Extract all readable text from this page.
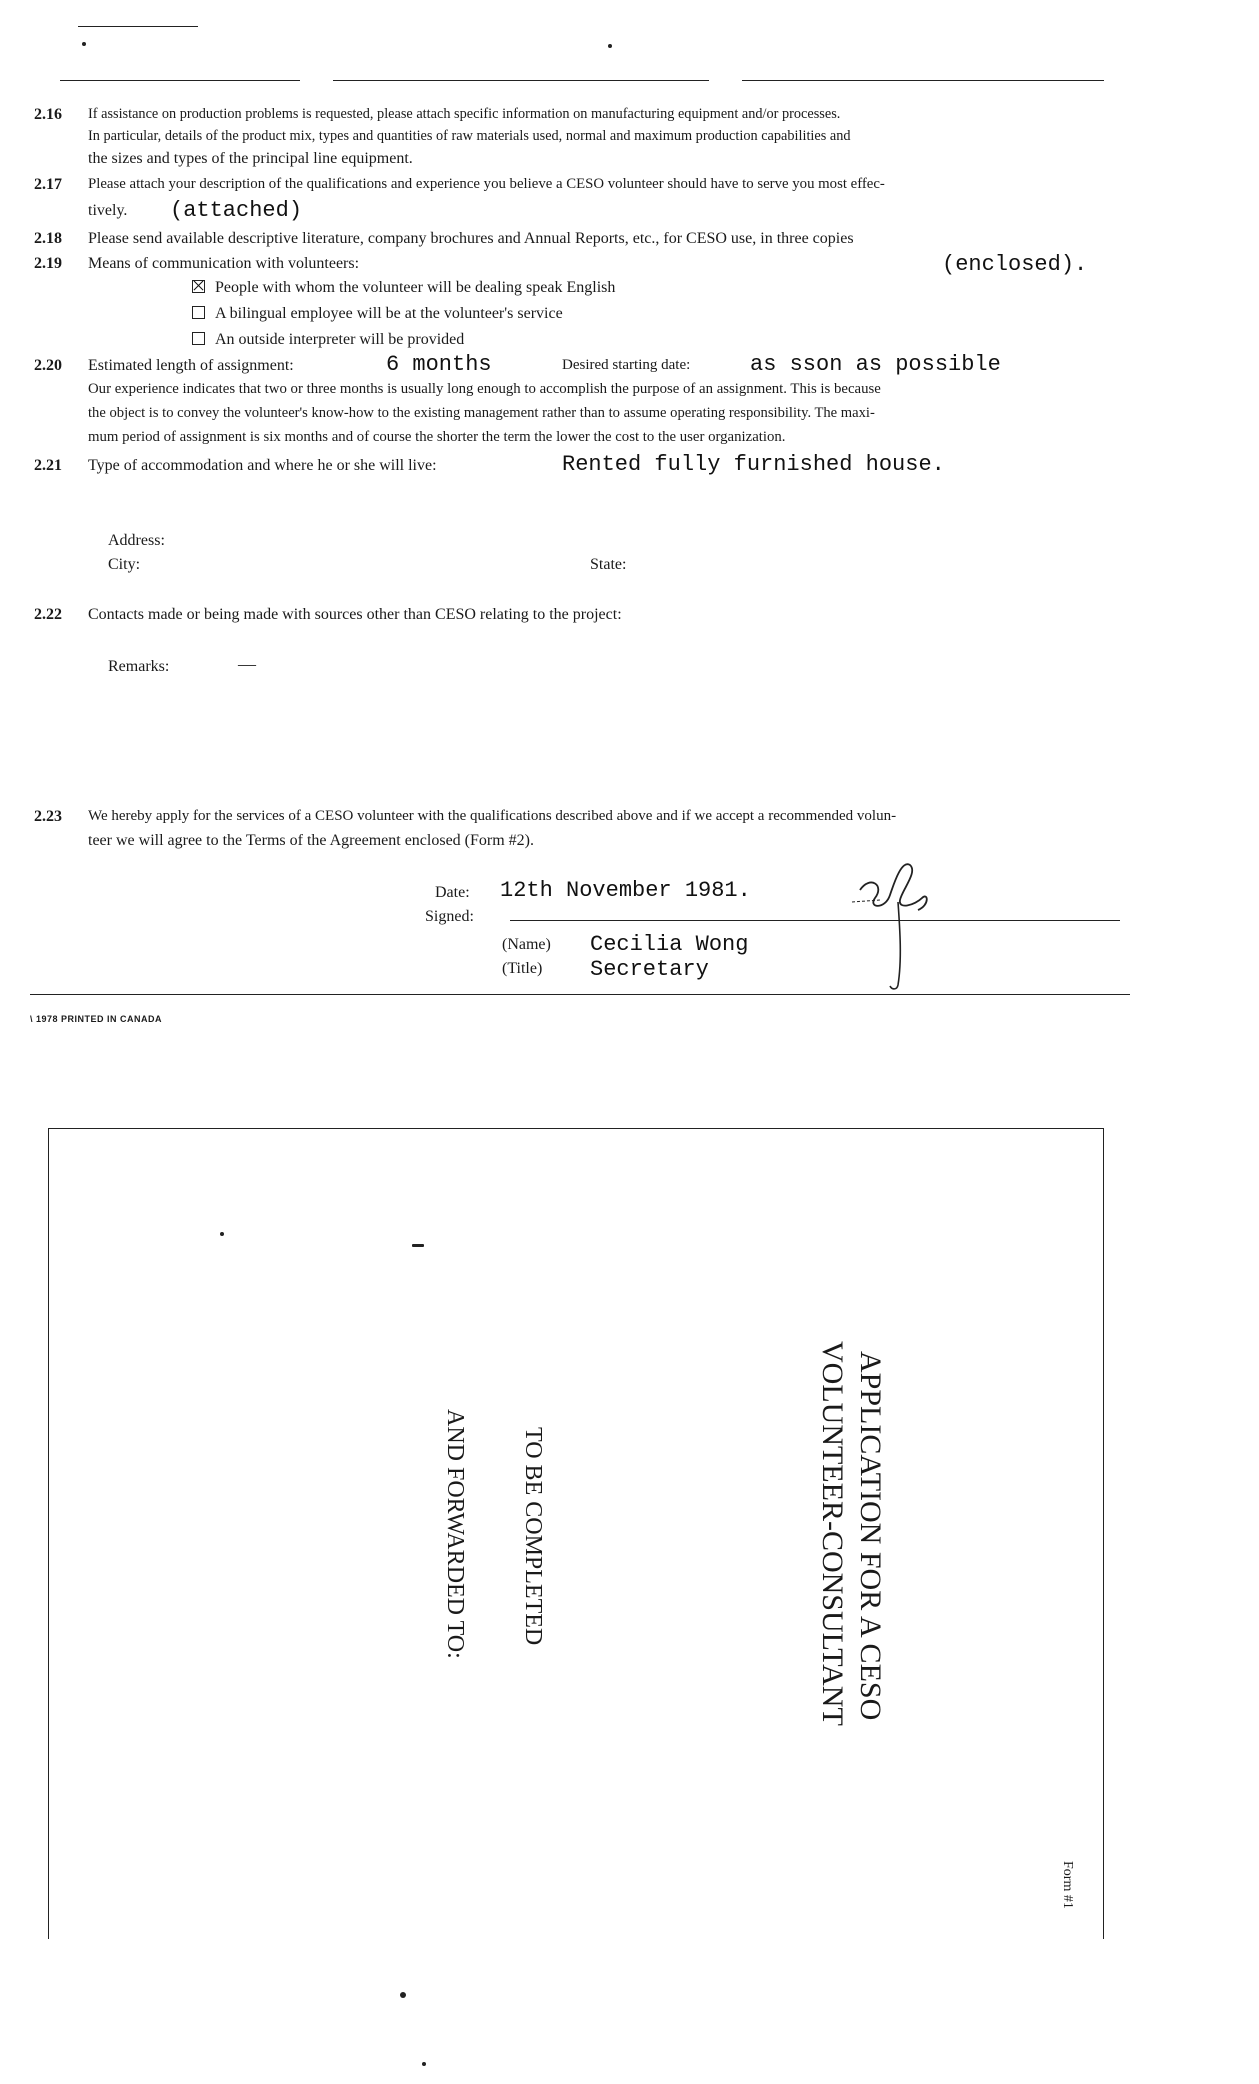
2.16 If assistance on production problems is requested, please attach specific information on manufacturing equipment and/or processes.
In particular, details of the product mix, types and quantities of raw materials used, normal and maximum production capabilities and
the sizes and types of the principal line equipment.
2.17 Please attach your description of the qualifications and experience you believe a CESO volunteer should have to serve you most effec-
tively. (attached)
2.18 Please send available descriptive literature, company brochures and Annual Reports, etc., for CESO use, in three copies
(enclosed).
2.19 Means of communication with volunteers:
People with whom the volunteer will be dealing speak English
A bilingual employee will be at the volunteer's service
An outside interpreter will be provided
2.20 Estimated length of assignment:	6 months	Desired starting date:	as sson as possible
Our experience indicates that two or three months is usually long enough to accomplish the purpose of an assignment. This is because
the object is to convey the volunteer's know-how to the existing management rather than to assume operating responsibility. The maxi-
mum period of assignment is six months and of course the shorter the term the lower the cost to the user organization.
2.21 Type of accommodation and where he or she will live:	Rented fully furnished house.
Address:
City:	State:
2.22 Contacts made or being made with sources other than CESO relating to the project:
Remarks:	—
2.23 We hereby apply for the services of a CESO volunteer with the qualifications described above and if we accept a recommended volun-
teer we will agree to the Terms of the Agreement enclosed (Form #2).
Date: 12th November 1981.
Signed:
(Name) Cecilia Wong
(Title) Secretary
\ 1978 PRINTED IN CANADA
APPLICATION FOR A CESO
VOLUNTEER-CONSULTANT
TO BE COMPLETED
AND FORWARDED TO:
Form #1
